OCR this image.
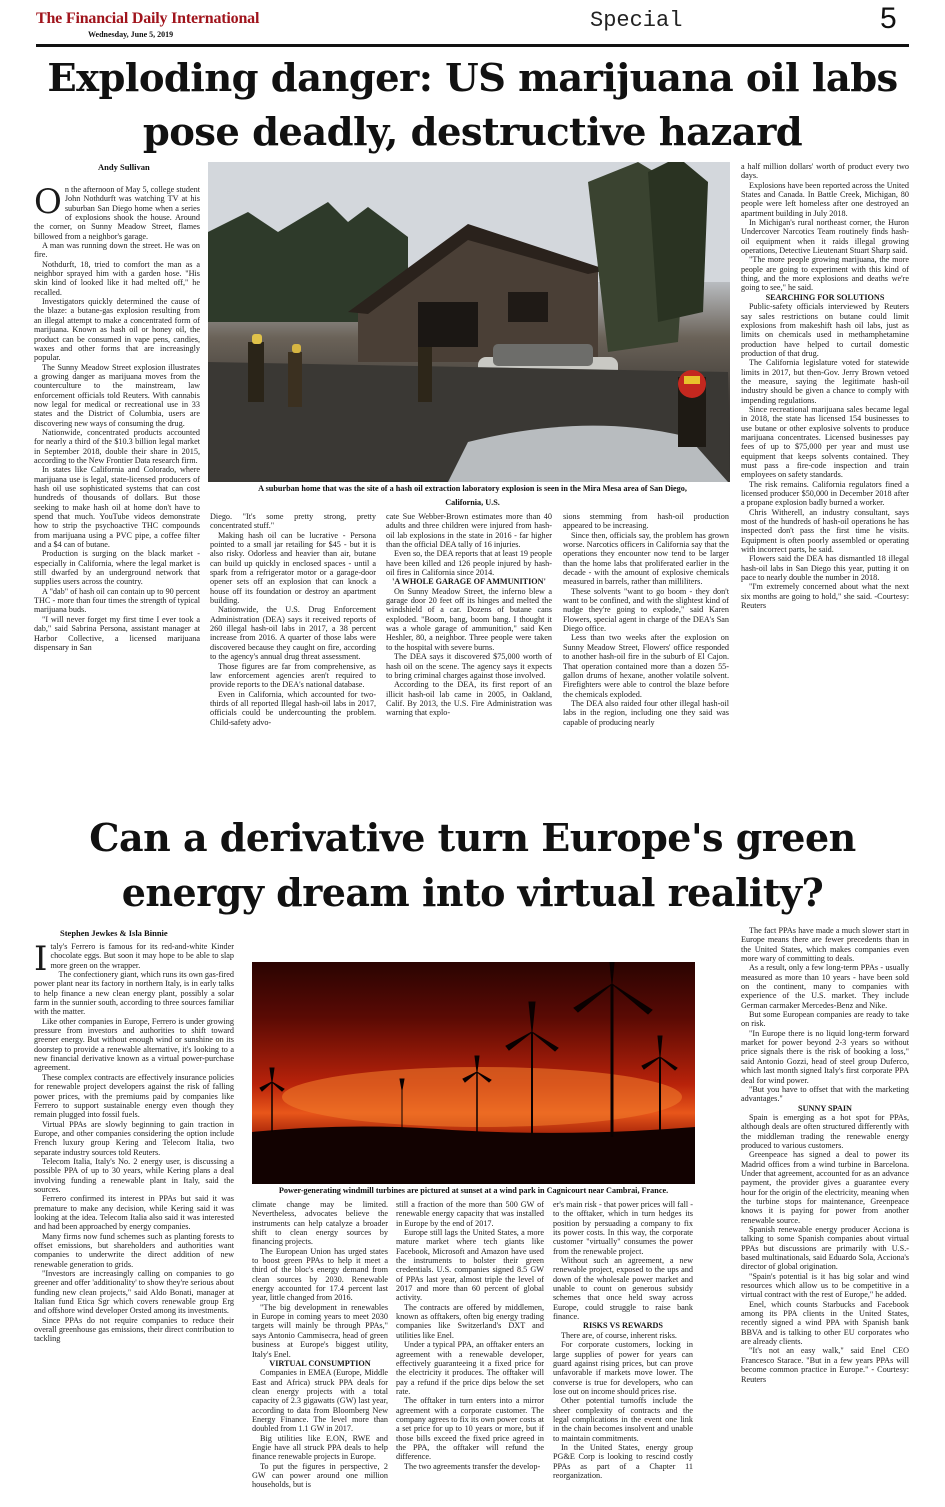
The Financial Daily International
Wednesday, June 5, 2019
Special	5
Exploding danger: US marijuana oil labs pose deadly, destructive hazard
Andy Sullivan
A suburban home that was the site of a hash oil extraction laboratory explosion is seen in the Mira Mesa area of San Diego, California, U.S.
O n the afternoon of May 5, college student John Nothdurft was watching TV at his suburban San Diego home when a series of explosions shook the house. Around the corner, on Sunny Meadow Street, flames billowed from a neighbor's garage.

A man was running down the street. He was on fire.

Nothdurft, 18, tried to comfort the man as a neighbor sprayed him with a garden hose. "His skin kind of looked like it had melted off," he recalled.

Investigators quickly determined the cause of the blaze: a butane-gas explosion resulting from an illegal attempt to make a concentrated form of marijuana. Known as hash oil or honey oil, the product can be consumed in vape pens, candies, waxes and other forms that are increasingly popular.

The Sunny Meadow Street explosion illustrates a growing danger as marijuana moves from the counterculture to the mainstream, law enforcement officials told Reuters. With cannabis now legal for medical or recreational use in 33 states and the District of Columbia, users are discovering new ways of consuming the drug.

Nationwide, concentrated products accounted for nearly a third of the $10.3 billion legal market in September 2018, double their share in 2015, according to the New Frontier Data research firm.

In states like California and Colorado, where marijuana use is legal, state-licensed producers of hash oil use sophisticated systems that can cost hundreds of thousands of dollars. But those seeking to make hash oil at home don't have to spend that much. YouTube videos demonstrate how to strip the psychoactive THC compounds from marijuana using a PVC pipe, a coffee filter and a $4 can of butane.

Production is surging on the black market - especially in California, where the legal market is still dwarfed by an underground network that supplies users across the country.

A "dab" of hash oil can contain up to 90 percent THC - more than four times the strength of typical marijuana buds.

"I will never forget my first time I ever took a dab," said Sabrina Persona, assistant manager at Harbor Collective, a licensed marijuana dispensary in San

Diego. "It's some pretty strong, pretty concentrated stuff."

Making hash oil can be lucrative - Persona pointed to a small jar retailing for $45 - but it is also risky. Odorless and heavier than air, butane can build up quickly in enclosed spaces - until a spark from a refrigerator motor or a garage-door opener sets off an explosion that can knock a house off its foundation or destroy an apartment building.

Nationwide, the U.S. Drug Enforcement Administration (DEA) says it received reports of 260 illegal hash-oil labs in 2017, a 38 percent increase from 2016. A quarter of those labs were discovered because they caught on fire, according to the agency's annual drug threat assessment.

Those figures are far from comprehensive, as law enforcement agencies aren't required to provide reports to the DEA's national database.

Even in California, which accounted for two-thirds of all reported Illegal hash-oil labs in 2017, officials could be undercounting the problem. Child-safety advo-

cate Sue Webber-Brown estimates more than 40 adults and three children were injured from hash-oil lab explosions in the state in 2016 - far higher than the official DEA tally of 16 injuries.

Even so, the DEA reports that at least 19 people have been killed and 126 people injured by hash-oil fires in California since 2014.

'A WHOLE GARAGE OF AMMUNITION'

On Sunny Meadow Street, the inferno blew a garage door 20 feet off its hinges and melted the windshield of a car. Dozens of butane cans exploded. "Boom, bang, boom bang. I thought it was a whole garage of ammunition," said Ken Heshler, 80, a neighbor. Three people were taken to the hospital with severe burns.

The DEA says it discovered $75,000 worth of hash oil on the scene. The agency says it expects to bring criminal charges against those involved.

According to the DEA, its first report of an illicit hash-oil lab came in 2005, in Oakland, Calif. By 2013, the U.S. Fire Administration was warning that explo-

sions stemming from hash-oil production appeared to be increasing.

Since then, officials say, the problem has grown worse. Narcotics officers in California say that the operations they encounter now tend to be larger than the home labs that proliferated earlier in the decade - with the amount of explosive chemicals measured in barrels, rather than milliliters.

These solvents "want to go boom - they don't want to be confined, and with the slightest kind of nudge they're going to explode," said Karen Flowers, special agent in charge of the DEA's San Diego office.

Less than two weeks after the explosion on Sunny Meadow Street, Flowers' office responded to another hash-oil fire in the suburb of El Cajon. That operation contained more than a dozen 55-gallon drums of hexane, another volatile solvent. Firefighters were able to control the blaze before the chemicals exploded.

The DEA also raided four other illegal hash-oil labs in the region, including one they said was capable of producing nearly

a half million dollars' worth of product every two days.

Explosions have been reported across the United States and Canada. In Battle Creek, Michigan, 80 people were left homeless after one destroyed an apartment building in July 2018.

In Michigan's rural northeast corner, the Huron Undercover Narcotics Team routinely finds hash-oil equipment when it raids illegal growing operations, Detective Lieutenant Stuart Sharp said.

"The more people growing marijuana, the more people are going to experiment with this kind of thing, and the more explosions and deaths we're going to see," he said.

SEARCHING FOR SOLUTIONS

Public-safety officials interviewed by Reuters say sales restrictions on butane could limit explosions from makeshift hash oil labs, just as limits on chemicals used in methamphetamine production have helped to curtail domestic production of that drug.

The California legislature voted for statewide limits in 2017, but then-Gov. Jerry Brown vetoed the measure, saying the legitimate hash-oil industry should be given a chance to comply with impending regulations.

Since recreational marijuana sales became legal in 2018, the state has licensed 154 businesses to use butane or other explosive solvents to produce marijuana concentrates. Licensed businesses pay fees of up to $75,000 per year and must use equipment that keeps solvents contained. They must pass a fire-code inspection and train employees on safety standards.

The risk remains. California regulators fined a licensed producer $50,000 in December 2018 after a propane explosion badly burned a worker.

Chris Witherell, an industry consultant, says most of the hundreds of hash-oil operations he has inspected don't pass the first time he visits. Equipment is often poorly assembled or operating with incorrect parts, he said.

Flowers said the DEA has dismantled 18 illegal hash-oil labs in San Diego this year, putting it on pace to nearly double the number in 2018.

"I'm extremely concerned about what the next six months are going to hold," she said. -Courtesy: Reuters

Can a derivative turn Europe's green energy dream into virtual reality?
Stephen Jewkes & Isla Binnie
Power-generating windmill turbines are pictured at sunset at a wind park in Cagnicourt near Cambrai, France.
I taly's Ferrero is famous for its red-and-white Kinder chocolate eggs. But soon it may hope to be able to slap more green on the wrapper.

The confectionery giant, which runs its own gas-fired power plant near its factory in northern Italy, is in early talks to help finance a new clean energy plant, possibly a solar farm in the sunnier south, according to three sources familiar with the matter.

Like other companies in Europe, Ferrero is under growing pressure from investors and authorities to shift toward greener energy. But without enough wind or sunshine on its doorstep to provide a renewable alternative, it's looking to a new financial derivative known as a virtual power-purchase agreement.

These complex contracts are effectively insurance policies for renewable project developers against the risk of falling power prices, with the premiums paid by companies like Ferrero to support sustainable energy even though they remain plugged into fossil fuels.

Virtual PPAs are slowly beginning to gain traction in Europe, and other companies considering the option include French luxury group Kering and Telecom Italia, two separate industry sources told Reuters.

Telecom Italia, Italy's No. 2 energy user, is discussing a possible PPA of up to 30 years, while Kering plans a deal involving funding a renewable plant in Italy, said the sources.

Ferrero confirmed its interest in PPAs but said it was premature to make any decision, while Kering said it was looking at the idea. Telecom Italia also said it was interested and had been approached by energy companies.

Many firms now fund schemes such as planting forests to offset emissions, but shareholders and authorities want companies to underwrite the direct addition of new renewable generation to grids.

"Investors are increasingly calling on companies to go greener and offer 'additionality' to show they're serious about funding new clean projects," said Aldo Bonati, manager at Italian fund Etica Sgr which covers renewable group Erg and offshore wind developer Orsted among its investments.

Since PPAs do not require companies to reduce their overall greenhouse gas emissions, their direct contribution to tackling

climate change may be limited. Nevertheless, advocates believe the instruments can help catalyze a broader shift to clean energy sources by financing projects.

The European Union has urged states to boost green PPAs to help it meet a third of the bloc's energy demand from clean sources by 2030. Renewable energy accounted for 17.4 percent last year, little changed from 2016.

"The big development in renewables in Europe in coming years to meet 2030 targets will mainly be through PPAs," says Antonio Cammisecra, head of green business at Europe's biggest utility, Italy's Enel.

VIRTUAL CONSUMPTION

Companies in EMEA (Europe, Middle East and Africa) struck PPA deals for clean energy projects with a total capacity of 2.3 gigawatts (GW) last year, according to data from Bloomberg New Energy Finance. The level more than doubled from 1.1 GW in 2017.

Big utilities like E.ON, RWE and Engie have all struck PPA deals to help finance renewable projects in Europe.

To put the figures in perspective, 2 GW can power around one million households, but is

still a fraction of the more than 500 GW of renewable energy capacity that was installed in Europe by the end of 2017.

Europe still lags the United States, a more mature market where tech giants like Facebook, Microsoft and Amazon have used the instruments to bolster their green credentials. U.S. companies signed 8.5 GW of PPAs last year, almost triple the level of 2017 and more than 60 percent of global activity.

The contracts are offered by middlemen, known as offtakers, often big energy trading companies like Switzerland's DXT and utilities like Enel.

Under a typical PPA, an offtaker enters an agreement with a renewable developer, effectively guaranteeing it a fixed price for the electricity it produces. The offtaker will pay a refund if the price dips below the set rate.

The offtaker in turn enters into a mirror agreement with a corporate customer. The company agrees to fix its own power costs at a set price for up to 10 years or more, but if those bills exceed the fixed price agreed in the PPA, the offtaker will refund the difference.

The two agreements transfer the develop-

er's main risk - that power prices will fall - to the offtaker, which in turn hedges its position by persuading a company to fix its power costs. In this way, the corporate customer "virtually" consumes the power from the renewable project.

Without such an agreement, a new renewable project, exposed to the ups and down of the wholesale power market and unable to count on generous subsidy schemes that once held sway across Europe, could struggle to raise bank finance.

RISKS VS REWARDS

There are, of course, inherent risks.

For corporate customers, locking in large supplies of power for years can guard against rising prices, but can prove unfavorable if markets move lower. The converse is true for developers, who can lose out on income should prices rise.

Other potential turnoffs include the sheer complexity of contracts and the legal complications in the event one link in the chain becomes insolvent and unable to maintain commitments.

In the United States, energy group PG&E Corp is looking to rescind costly PPAs as part of a Chapter 11 reorganization.

The fact PPAs have made a much slower start in Europe means there are fewer precedents than in the United States, which makes companies even more wary of committing to deals.

As a result, only a few long-term PPAs - usually measured as more than 10 years - have been sold on the continent, many to companies with experience of the U.S. market. They include German carmaker Mercedes-Benz and Nike.

But some European companies are ready to take on risk.

"In Europe there is no liquid long-term forward market for power beyond 2-3 years so without price signals there is the risk of booking a loss," said Antonio Gozzi, head of steel group Duferco, which last month signed Italy's first corporate PPA deal for wind power.

"But you have to offset that with the marketing advantages."

SUNNY SPAIN

Spain is emerging as a hot spot for PPAs, although deals are often structured differently with the middleman trading the renewable energy produced to various customers.

Greenpeace has signed a deal to power its Madrid offices from a wind turbine in Barcelona. Under that agreement, accounted for as an advance payment, the provider gives a guarantee every hour for the origin of the electricity, meaning when the turbine stops for maintenance, Greenpeace knows it is paying for power from another renewable source.

Spanish renewable energy producer Acciona is talking to some Spanish companies about virtual PPAs but discussions are primarily with U.S.-based multinationals, said Eduardo Sola, Acciona's director of global origination.

"Spain's potential is it has big solar and wind resources which allow us to be competitive in a virtual contract with the rest of Europe," he added.

Enel, which counts Starbucks and Facebook among its PPA clients in the United States, recently signed a wind PPA with Spanish bank BBVA and is talking to other EU corporates who are already clients.

"It's not an easy walk," said Enel CEO Francesco Starace. "But in a few years PPAs will become common practice in Europe." - Courtesy: Reuters
